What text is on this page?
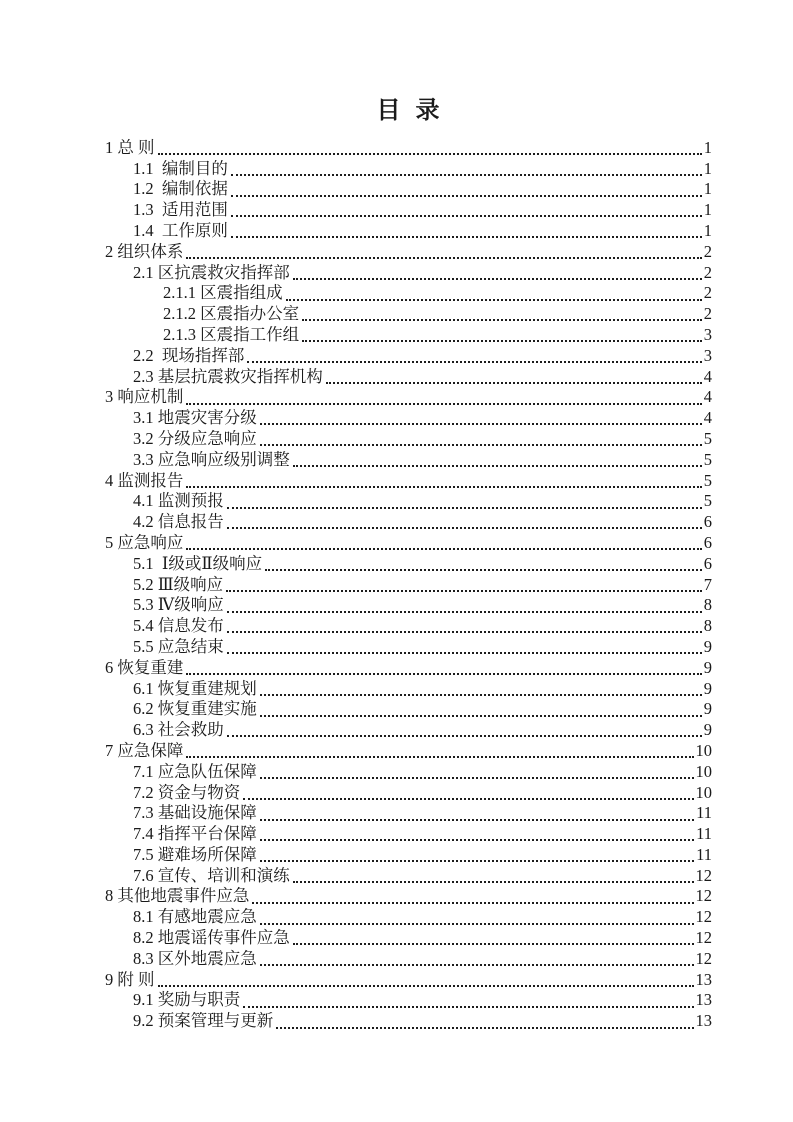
目  录
1 总 则	1
1.1  编制目的	1
1.2  编制依据	1
1.3  适用范围	1
1.4  工作原则	1
2 组织体系	2
2.1 区抗震救灾指挥部	2
2.1.1 区震指组成	2
2.1.2 区震指办公室	2
2.1.3 区震指工作组	3
2.2  现场指挥部	3
2.3 基层抗震救灾指挥机构	4
3 响应机制	4
3.1 地震灾害分级	4
3.2 分级应急响应	5
3.3 应急响应级别调整	5
4 监测报告	5
4.1 监测预报	5
4.2 信息报告	6
5 应急响应	6
5.1  Ⅰ级或Ⅱ级响应	6
5.2 Ⅲ级响应	7
5.3 Ⅳ级响应	8
5.4 信息发布	8
5.5 应急结束	9
6 恢复重建	9
6.1 恢复重建规划	9
6.2 恢复重建实施	9
6.3 社会救助	9
7 应急保障	10
7.1 应急队伍保障	10
7.2 资金与物资	10
7.3 基础设施保障	11
7.4 指挥平台保障	11
7.5 避难场所保障	11
7.6 宣传、培训和演练	12
8 其他地震事件应急	12
8.1 有感地震应急	12
8.2 地震谣传事件应急	12
8.3 区外地震应急	12
9 附 则	13
9.1 奖励与职责	13
9.2 预案管理与更新	13
